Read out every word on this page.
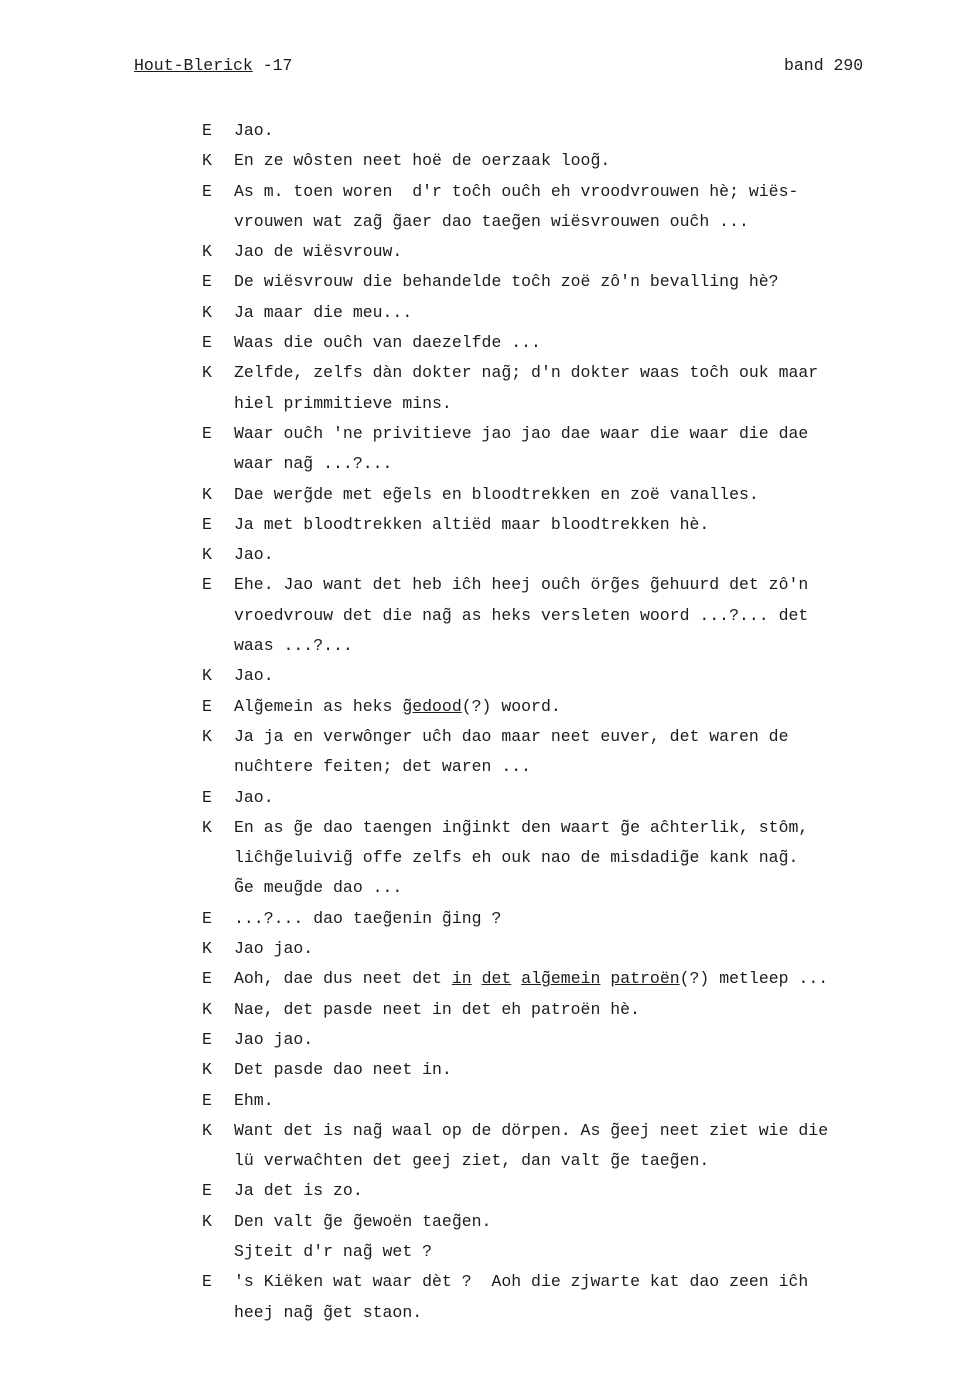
Hout-Blerick -17	band 290
E	Jao.
K	En ze wôsten neet hoë de oerzaak loog̃.
E	As m. toen woren  d'r toĉh ouĉh eh vroodvrouwen hè; wiës-
vrouwen wat zag̃ g̃aer dao taeg̃en wiësvrouwen ouĉh ...
K	Jao de wiësvrouw.
E	De wiësvrouw die behandelde toĉh zoë zô'n bevalling hè?
K	Ja maar die meu...
E	Waas die ouĉh van daezelfde ...
K	Zelfde, zelfs dàn dokter nag̃; d'n dokter waas toĉh ouk maar
hiel primmitieve mins.
E	Waar ouĉh 'ne privitieve jao jao dae waar die waar die dae
waar nag̃ ...?...
K	Dae werg̃de met eg̃els en bloodtrekken en zoë vanalles.
E	Ja met bloodtrekken altiëd maar bloodtrekken hè.
K	Jao.
E	Ehe. Jao want det heb iĉh heej ouĉh örg̃es g̃ehuurd det zô'n
vroedvrouw det die nag̃ as heks versleten woord ...?... det
waas ...?...
K	Jao.
E	Alg̃emein as heks g̃edood(?) woord.
K	Ja ja en verwônger uĉh dao maar neet euver, det waren de
nuĉhtere feiten; det waren ...
E	Jao.
K	En as g̃e dao taengen ing̃inkt den waart g̃e aĉhterlik, stôm,
liĉhg̃eluivig̃ offe zelfs eh ouk nao de misdadig̃e kank nag̃.
G̃e meug̃de dao ...
E	...?... dao taeg̃enin g̃ing ?
K	Jao jao.
E	Aoh, dae dus neet det in det alg̃emein patroën(?) metleep ...
K	Nae, det pasde neet in det eh patroën hè.
E	Jao jao.
K	Det pasde dao neet in.
E	Ehm.
K	Want det is nag̃ waal op de dörpen. As g̃eej neet ziet wie die
lü verwaĉhten det geej ziet, dan valt g̃e taeg̃en.
E	Ja det is zo.
K	Den valt g̃e g̃ewoën taeg̃en.
Sjteit d'r nag̃ wet ?
E	's Kiëken wat waar dèt ?  Aoh die zjwarte kat dao zeen iĉh
heej nag̃ g̃et staon.
